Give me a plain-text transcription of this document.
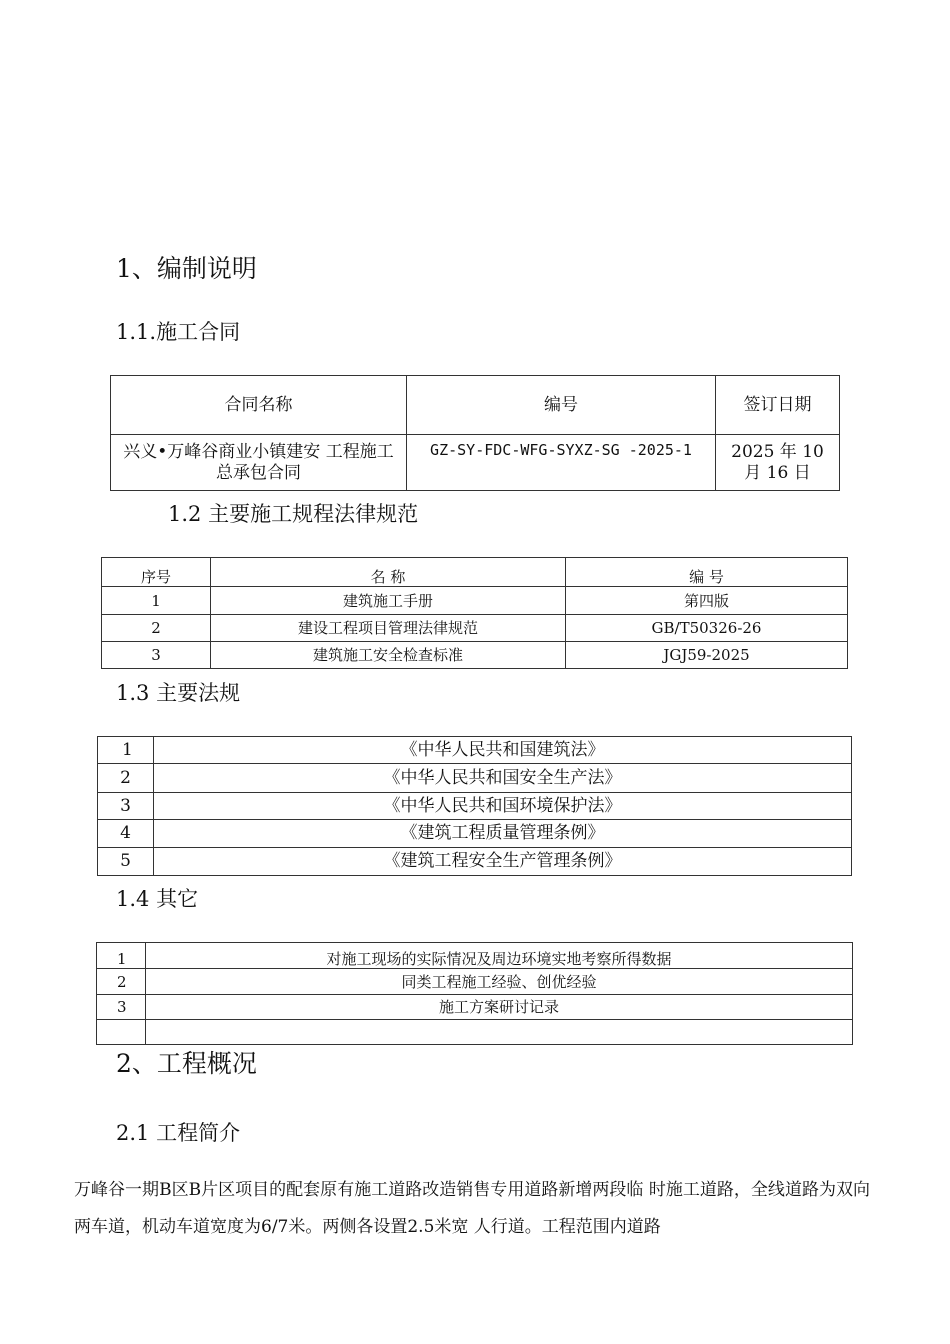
1、编制说明
1.1.施工合同
合同名称	编号	签订日期
兴义•万峰谷商业小镇建安 工程施工总承包合同	GZ-SY-FDC-WFG-SYXZ-SG -2025-1	2025 年 10 月 16 日
1.2 主要施工规程法律规范
序号	名 称	编 号
1	建筑施工手册	第四版
2	建设工程项目管理法律规范	GB/T50326-26
3	建筑施工安全检查标准	JGJ59-2025
1.3 主要法规
1	《中华人民共和国建筑法》
2	《中华人民共和国安全生产法》
3	《中华人民共和国环境保护法》
4	《建筑工程质量管理条例》
5	《建筑工程安全生产管理条例》
1.4 其它
1	对施工现场的实际情况及周边环境实地考察所得数据
2	同类工程施工经验、创优经验
3	施工方案研讨记录

2、工程概况
2.1 工程简介

万峰谷一期B区B片区项目的配套原有施工道路改造销售专用道路新增两段临 时施工道路，全线道路为双向两车道，机动车道宽度为6/7米。两侧各设置2.5米宽 人行道。工程范围内道路
